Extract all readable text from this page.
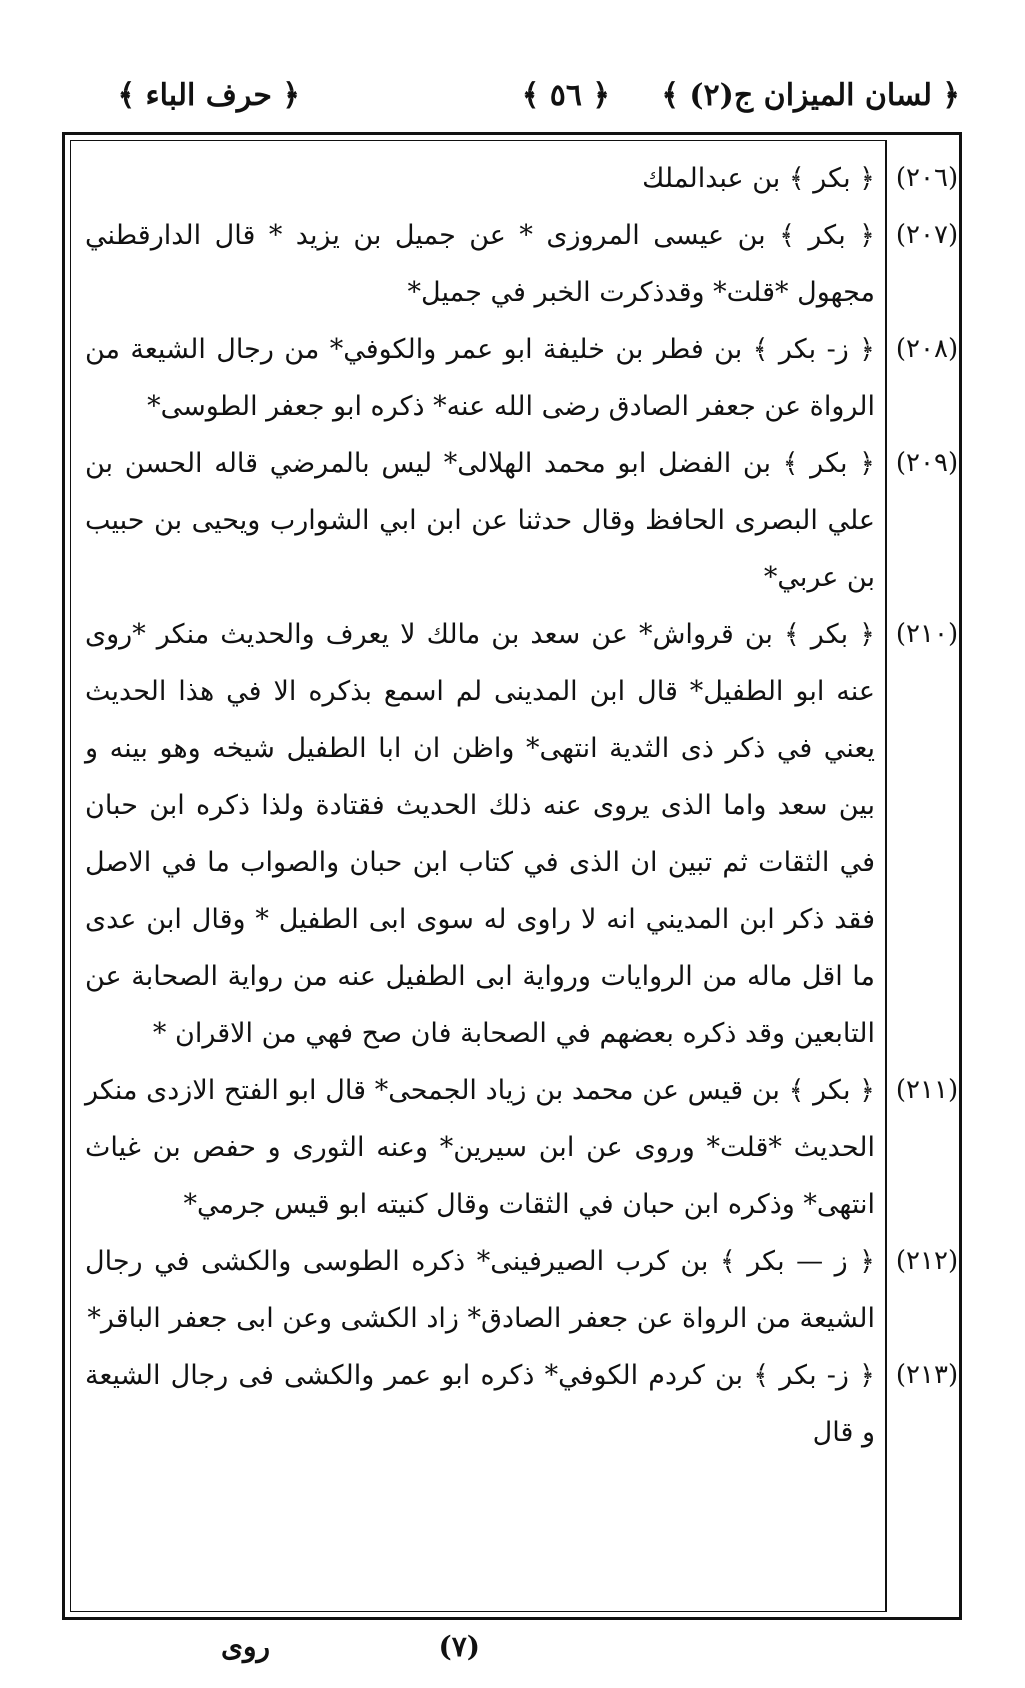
﴿ لسان الميزان ج(٢) ﴾
﴿ ٥٦ ﴾
﴿ حرف الباء ﴾
(٢٠٦)
﴿ بكر ﴾ بن عبدالملك
(٢٠٧)
﴿ بكر ﴾ بن عيسى المروزى * عن جميل بن يزيد * قال الدارقطني مجهول *قلت* وقدذكرت الخبر في جميل*
(٢٠٨)
﴿ ز- بكر ﴾ بن فطر بن خليفة ابو عمر والكوفي* من رجال الشيعة من الرواة عن جعفر الصادق رضى الله عنه* ذكره ابو جعفر الطوسى*
(٢٠٩)
﴿ بكر ﴾ بن الفضل ابو محمد الهلالى* ليس بالمرضي قاله الحسن بن علي البصرى الحافظ وقال حدثنا عن ابن ابي الشوارب ويحيى بن حبيب بن عربي*
(٢١٠)
﴿ بكر ﴾ بن قرواش* عن سعد بن مالك لا يعرف والحديث منكر *روى عنه ابو الطفيل* قال ابن المدينى لم اسمع بذكره الا في هذا الحديث يعني في ذكر ذى الثدية انتهى* واظن ان ابا الطفيل شيخه وهو بينه و بين سعد واما الذى يروى عنه ذلك الحديث فقتادة ولذا ذكره ابن حبان في الثقات ثم تبين ان الذى في كتاب ابن حبان والصواب ما في الاصل فقد ذكر ابن المديني انه لا راوى له سوى ابى الطفيل * وقال ابن عدى ما اقل ماله من الروايات ورواية ابى الطفيل عنه من رواية الصحابة عن التابعين وقد ذكره بعضهم في الصحابة فان صح فهي من الاقران *
(٢١١)
﴿ بكر ﴾ بن قيس عن محمد بن زياد الجمحى* قال ابو الفتح الازدى منكر الحديث *قلت* وروى عن ابن سيرين* وعنه الثورى و حفص بن غياث انتهى* وذكره ابن حبان في الثقات وقال كنيته ابو قيس جرمي*
(٢١٢)
﴿ ز — بكر ﴾ بن كرب الصيرفينى* ذكره الطوسى والكشى في رجال الشيعة من الرواة عن جعفر الصادق* زاد الكشى وعن ابى جعفر الباقر*
(٢١٣)
﴿ ز- بكر ﴾ بن كردم الكوفي* ذكره ابو عمر والكشى فى رجال الشيعة و قال
(٧)
روى
